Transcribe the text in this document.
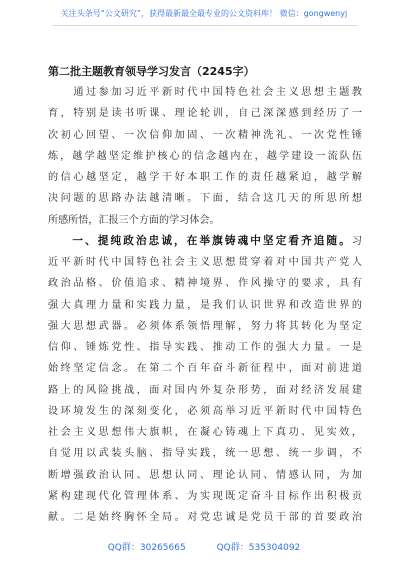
关注头条号“公文研究”，获得最新最全最专业的公文资料库！ 微信：gongwenyj
第二批主题教育领导学习发言（2245字）
　　通过参加习近平新时代中国特色社会主义思想主题教
育，特别是读书听课、理论轮训，自己深深感到经历了一
次初心回望、一次信仰加固、一次精神洗礼、一次党性锤
炼，越学越坚定维护核心的信念越内在，越学建设一流队伍
的信心越坚定，越学干好本职工作的责任越紧迫，越学解
决问题的思路办法越清晰。下面，结合这几天的所思所想
所感所悟，汇报三个方面的学习体会。
　　一、提纯政治忠诚，在举旗铸魂中坚定看齐追随。习
近平新时代中国特色社会主义思想贯穿着对中国共产党人
政治品格、价值追求、精神境界、作风操守的要求，具有
强大真理力量和实践力量，是我们认识世界和改造世界的
强大思想武器。必须体系领悟理解，努力将其转化为坚定
信仰、锤炼党性、指导实践、推动工作的强大力量。一是
始终坚定信念。在第二个百年奋斗新征程中，面对前进道
路上的风险挑战，面对国内外复杂形势，面对经济发展建
设环境发生的深刻变化，必须高举习近平新时代中国特色
社会主义思想伟大旗帜，在凝心铸魂上下真功、见实效，
自觉用以武装头脑、指导实践，统一思想、统一步调，不
断增强政治认同、思想认同、理论认同、情感认同，为加
紧构建现代化管理体系、为实现既定奋斗目标作出积极贡
献。二是始终胸怀全局。对党忠诚是党员干部的首要政治
QQ群：30265665	QQ群：535304092
